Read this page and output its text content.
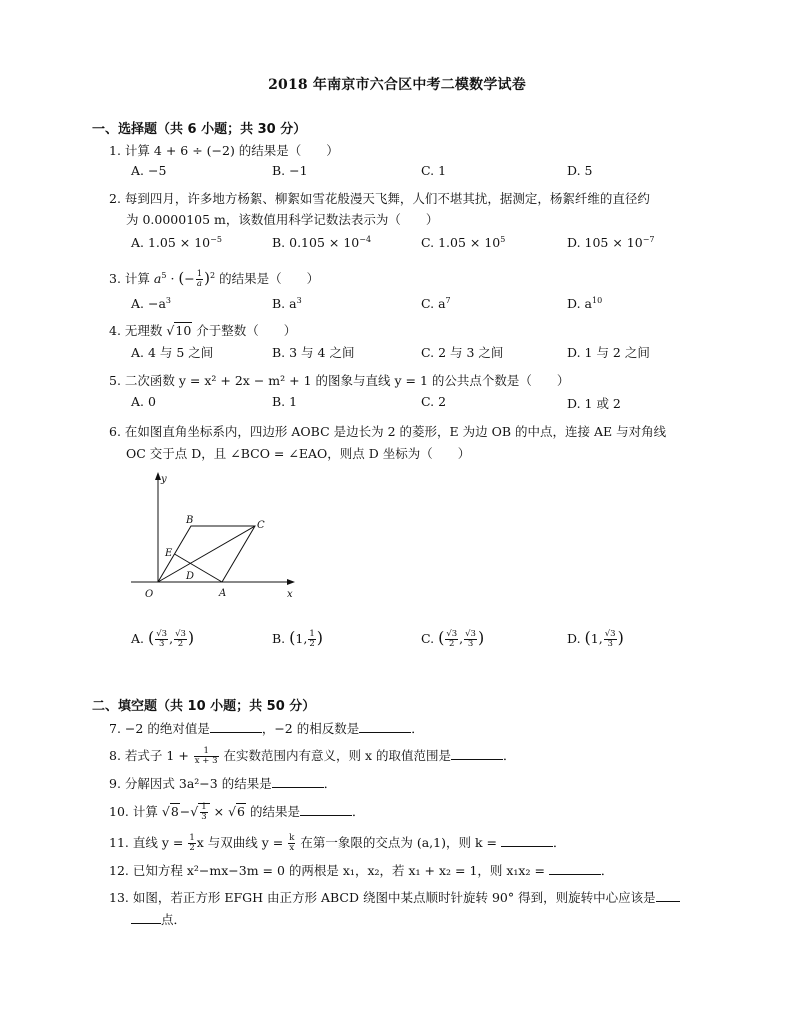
2018 年南京市六合区中考二模数学试卷
一、选择题（共 6 小题；共 30 分）
1. 计算 4 + 6 ÷ (−2) 的结果是（　　）
A. −5	B. −1	C. 1	D. 5
2. 每到四月，许多地方杨絮、柳絮如雪花般漫天飞舞，人们不堪其扰，据测定，杨絮纤维的直径约
为 0.0000105 m，该数值用科学记数法表示为（　　）
A. $1.05 \times 10^{-5}$	B. $0.105 \times 10^{-4}$	C. $1.05 \times 10^5$	D. $105 \times 10^{-7}$
3. 计算 $a^5$ · (− $\frac{1}{a} )^2$ 的结果是（　　）
A. $-a^3$	B. $a^3$	C. $a^7$	D. $a^{10}$
4. 无理数 √10 介于整数（　　）
A. 4 与 5 之间	B. 3 与 4 之间	C. 2 与 3 之间	D. 1 与 2 之间
5. 二次函数 y = x² + 2x − m² + 1 的图象与直线 y = 1 的公共点个数是（　　）
A. 0	B. 1	C. 2	D. 1 或 2
6. 在如图直角坐标系内，四边形 AOBC 是边长为 2 的菱形，E 为边 OB 的中点，连接 AE 与对角线
OC 交于点 D，且 ∠BCO = ∠EAO，则点 D 坐标为（　　）
y
x
O	A
B	C
E
D
A. ( $\frac{√3}{3}$ , $\frac{√3}{2}$ )	B. (1, $\frac{1}{2}$ )	C. ( $\frac{√3}{2}$ , $\frac{√3}{3}$ )	D. (1, $\frac{√3}{3}$ )
二、填空题（共 10 小题；共 50 分）
7. −2 的绝对值是	，−2 的相反数是	．
8. 若式子 $1 + \frac{1}{x + 3}$ 在实数范围内有意义，则 x 的取值范围是	．
9. 分解因式 3a²−3 的结果是	．
10. 计算 $√8-√ \frac{1}{3} \times √6$ 的结果是	．
11. 直线 $y = \frac{1}{2}$ x 与双曲线 $y = \frac{k}{x}$ 在第一象限的交点为 (a,1)，则 k =	．
12. 已知方程 x²−mx−3m = 0 的两根是 x₁，x₂，若 x₁ + x₂ = 1，则 x₁x₂ =	．
13. 如图，若正方形 EFGH 由正方形 ABCD 绕图中某点顺时针旋转 90° 得到，则旋转中心应该是
点．
